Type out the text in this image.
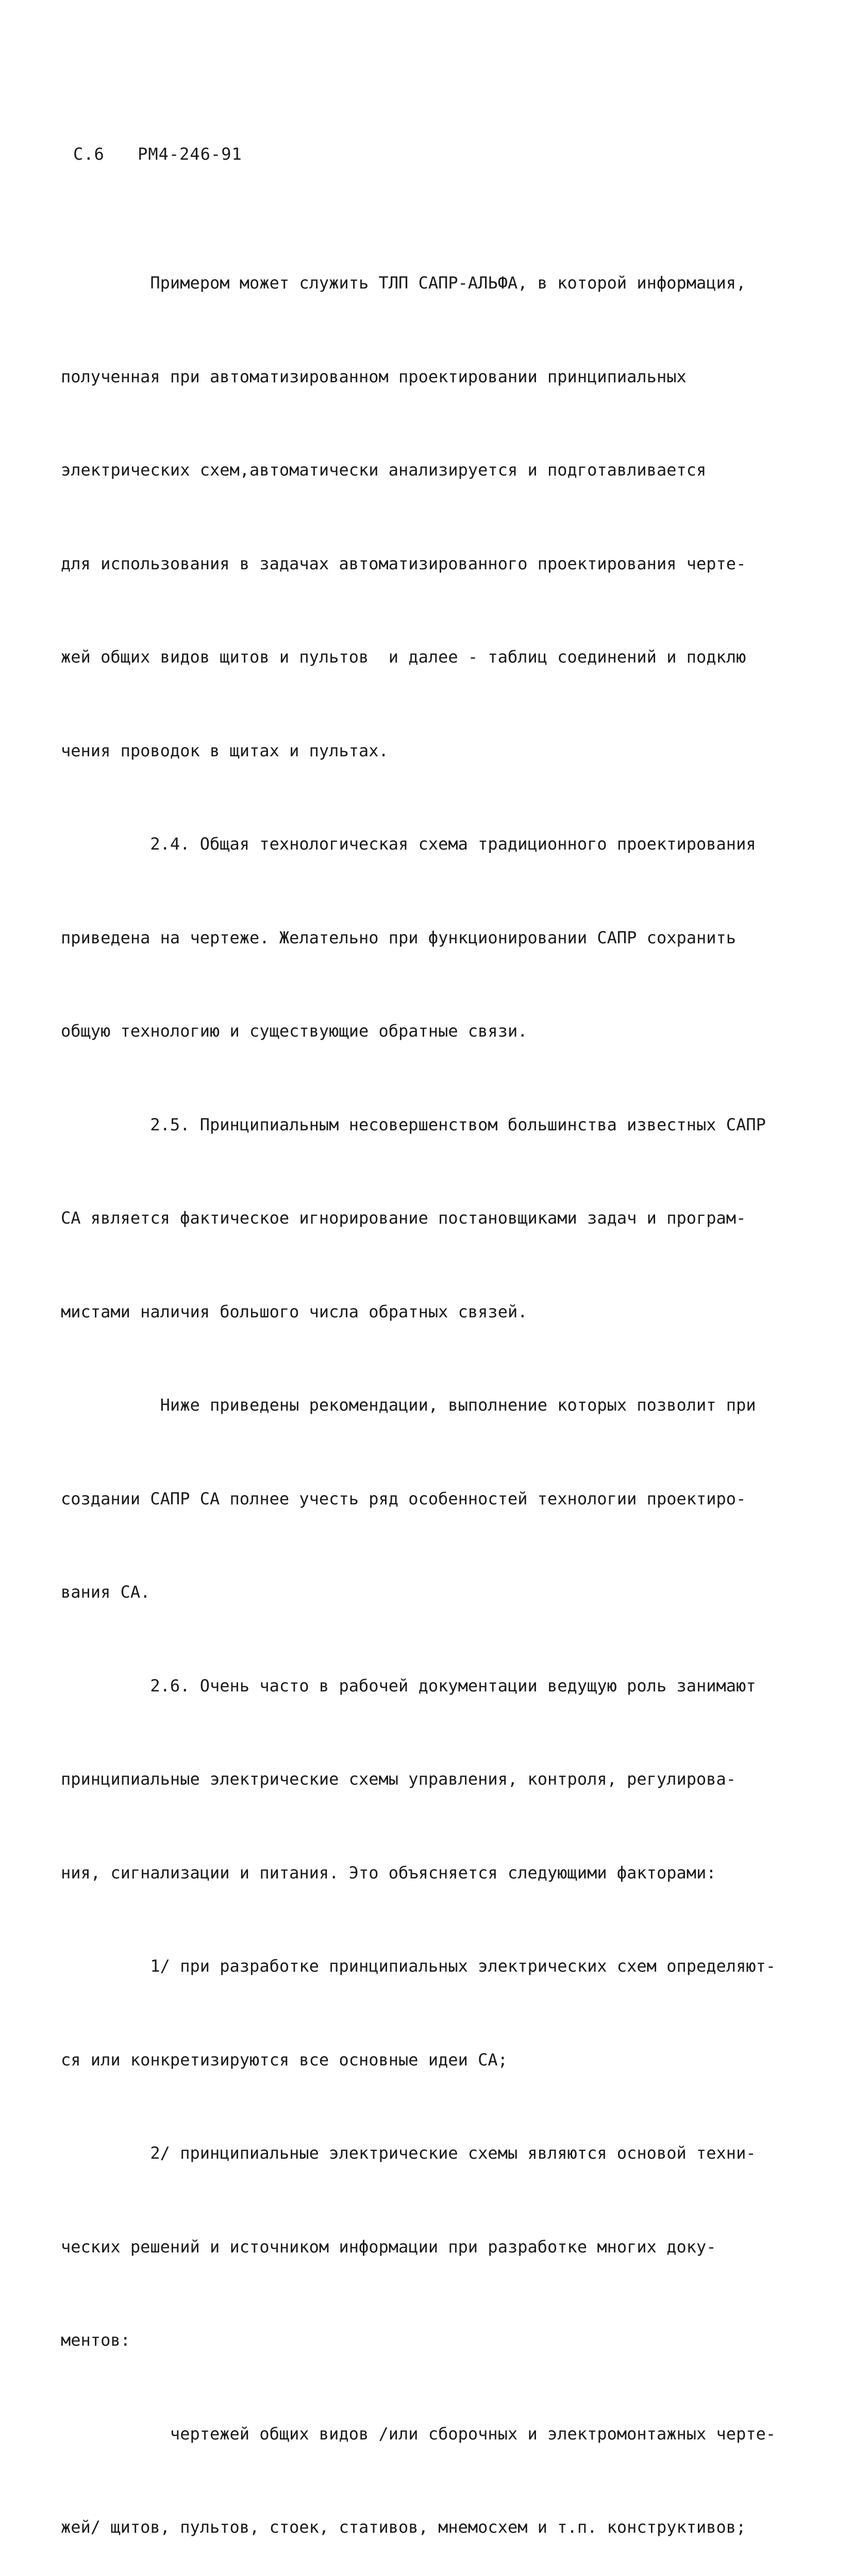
С.6 РМ4-246-91

Примером может служить ТЛП САПР-АЛЬФА, в которой информация,

полученная при автоматизированном проектировании принципиальных

электрических схем,автоматически анализируется и подготавливается

для использования в задачах автоматизированного проектирования черте-

жей общих видов щитов и пультов  и далее - таблиц соединений и подклю

чения проводок в щитах и пультах.

2.4. Общая технологическая схема традиционного проектирования

приведена на чертеже. Желательно при функционировании САПР сохранить

общую технологию и существующие обратные связи.

2.5. Принципиальным несовершенством большинства известных САПР

СА является фактическое игнорирование постановщиками задач и програм-

мистами наличия большого числа обратных связей.

Ниже приведены рекомендации, выполнение которых позволит при

создании САПР СА полнее учесть ряд особенностей технологии проектиро-

вания СА.

2.6. Очень часто в рабочей документации ведущую роль занимают

принципиальные электрические схемы управления, контроля, регулирова-

ния, сигнализации и питания. Это объясняется следующими факторами:

1/ при разработке принципиальных электрических схем определяют-

ся или конкретизируются все основные идеи СА;

2/ принципиальные электрические схемы являются основой техни-

ческих решений и источником информации при разработке многих доку-

ментов:

чертежей общих видов /или сборочных и электромонтажных черте-

жей/ щитов, пультов, стоек, стативов, мнемосхем и т.п. конструктивов;
